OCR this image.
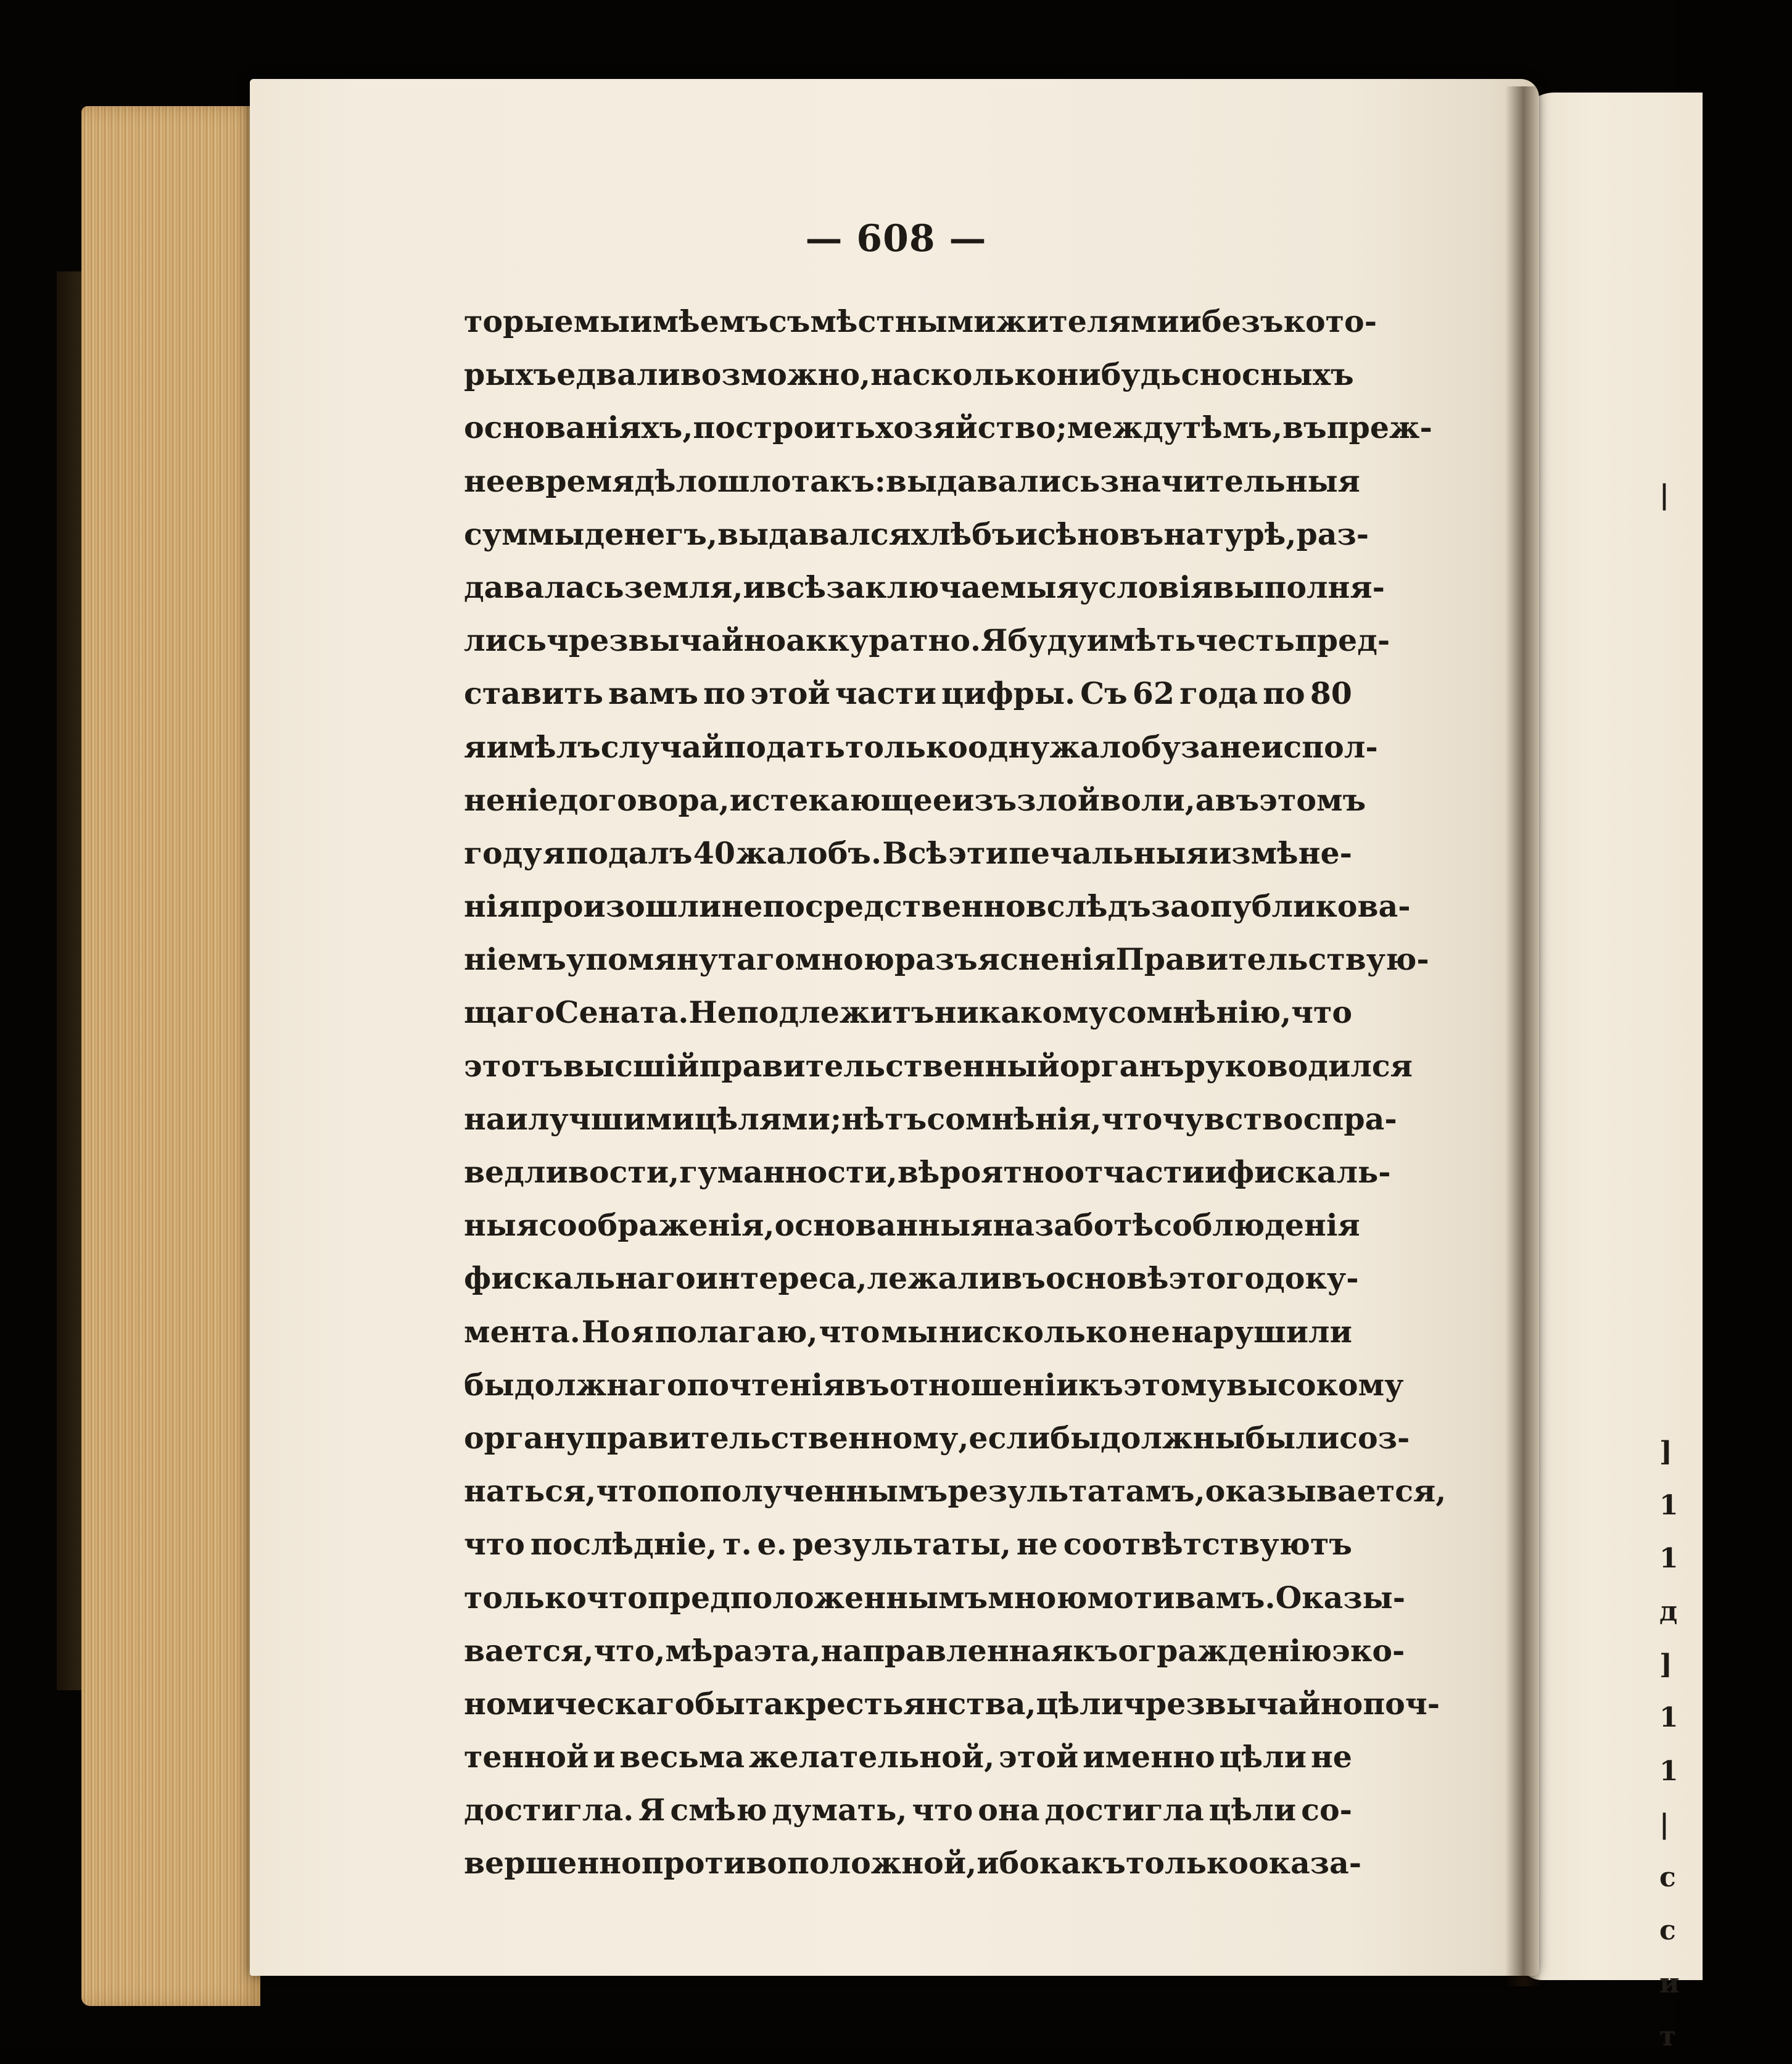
— 608 —
торые мы имѣемъ съ мѣстными жителями и безъ кото-
рыхъ едва ли возможно, насколько нибудь сносныхъ
основаніяхъ, построить хозяйство; между тѣмъ, въ преж-
нее время дѣло шло такъ: выдавались значительныя
суммы денегъ, выдавался хлѣбъ и сѣно въ натурѣ, раз-
давалась земля, и всѣ заключаемыя условія выполня-
лись чрезвычайно аккуратно. Я буду имѣть честь пред-
ставить вамъ по этой части цифры. Съ 62 года по 80
я имѣлъ случай подать только одну жалобу за неиспол-
неніе договора, истекающее изъ злой воли, а въ этомъ
году я подалъ 40 жалобъ. Всѣ эти печальныя измѣне-
нія произошли непосредственно вслѣдъ за опубликова-
ніемъ упомянутаго мною разъясненія Правительствую-
щаго Сената. Не подлежитъ никакому сомнѣнію, что
этотъ высшій правительственный органъ руководился
наилучшими цѣлями; нѣтъ сомнѣнія, что чувство спра-
ведливости, гуманности, вѣроятно отчасти и фискаль-
ныя соображенія, основанныя на заботѣ соблюденія
фискальнаго интереса, лежали въ основѣ этого доку-
мента. Но я полагаю, что мы нисколько не нарушили
бы должнаго почтенія въ отношеніи къ этому высокому
органу правительственному, если бы должны были соз-
наться, что по полученнымъ результатамъ, оказывается,
что послѣдніе, т. е. результаты, не соотвѣтствуютъ
только что предположеннымъ мною мотивамъ. Оказы-
вается, что, мѣра эта, направленная къ огражденію эко-
номическаго быта крестьянства, цѣли чрезвычайно поч-
тенной и весьма желательной, этой именно цѣли не
достигла. Я смѣю думать, что она достигла цѣли со-
вершенно противоположной, ибо какъ только оказа-
|
]
1
1
д
]
1
1
|
с
с
и
т
